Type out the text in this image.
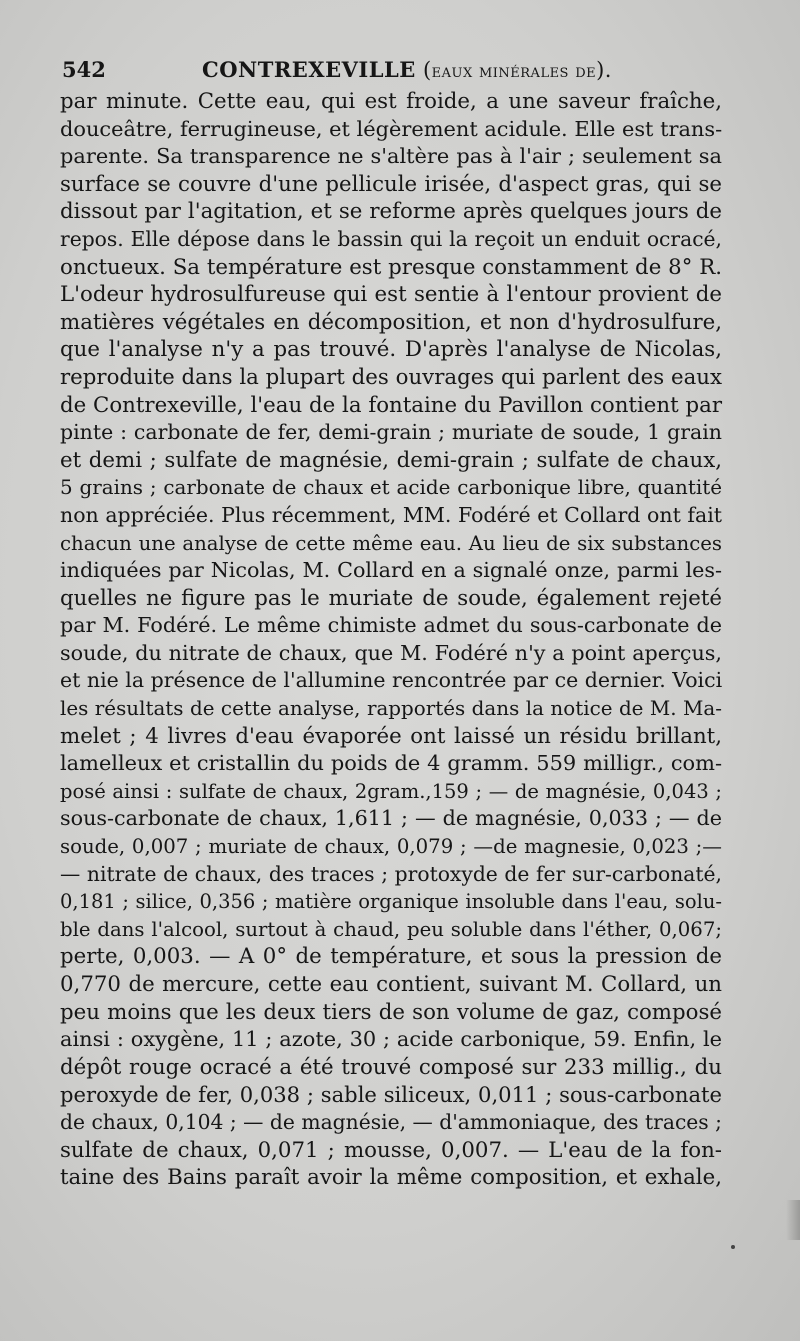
542	CONTREXEVILLE (eaux minérales de).
par minute. Cette eau, qui est froide, a une saveur fraîche,
douceâtre, ferrugineuse, et légèrement acidule. Elle est trans-
parente. Sa transparence ne s'altère pas à l'air ; seulement sa
surface se couvre d'une pellicule irisée, d'aspect gras, qui se
dissout par l'agitation, et se reforme après quelques jours de
repos. Elle dépose dans le bassin qui la reçoit un enduit ocracé,
onctueux. Sa température est presque constamment de 8° R.
L'odeur hydrosulfureuse qui est sentie à l'entour provient de
matières végétales en décomposition, et non d'hydrosulfure,
que l'analyse n'y a pas trouvé. D'après l'analyse de Nicolas,
reproduite dans la plupart des ouvrages qui parlent des eaux
de Contrexeville, l'eau de la fontaine du Pavillon contient par
pinte : carbonate de fer, demi-grain ; muriate de soude, 1 grain
et demi ; sulfate de magnésie, demi-grain ; sulfate de chaux,
5 grains ; carbonate de chaux et acide carbonique libre, quantité
non appréciée. Plus récemment, MM. Fodéré et Collard ont fait
chacun une analyse de cette même eau. Au lieu de six substances
indiquées par Nicolas, M. Collard en a signalé onze, parmi les-
quelles ne figure pas le muriate de soude, également rejeté
par M. Fodéré. Le même chimiste admet du sous-carbonate de
soude, du nitrate de chaux, que M. Fodéré n'y a point aperçus,
et nie la présence de l'allumine rencontrée par ce dernier. Voici
les résultats de cette analyse, rapportés dans la notice de M. Ma-
melet ; 4 livres d'eau évaporée ont laissé un résidu brillant,
lamelleux et cristallin du poids de 4 gramm. 559 milligr., com-
posé ainsi : sulfate de chaux, 2gram.,159 ; — de magnésie, 0,043 ;
sous-carbonate de chaux, 1,611 ; — de magnésie, 0,033 ; — de
soude, 0,007 ; muriate de chaux, 0,079 ; —de magnesie, 0,023 ;—
— nitrate de chaux, des traces ; protoxyde de fer sur-carbonaté,
0,181 ; silice, 0,356 ; matière organique insoluble dans l'eau, solu-
ble dans l'alcool, surtout à chaud, peu soluble dans l'éther, 0,067;
perte, 0,003. — A 0° de température, et sous la pression de
0,770 de mercure, cette eau contient, suivant M. Collard, un
peu moins que les deux tiers de son volume de gaz, composé
ainsi : oxygène, 11 ; azote, 30 ; acide carbonique, 59. Enfin, le
dépôt rouge ocracé a été trouvé composé sur 233 millig., du
peroxyde de fer, 0,038 ; sable siliceux, 0,011 ; sous-carbonate
de chaux, 0,104 ; — de magnésie, — d'ammoniaque, des traces ;
sulfate de chaux, 0,071 ; mousse, 0,007. — L'eau de la fon-
taine des Bains paraît avoir la même composition, et exhale,
